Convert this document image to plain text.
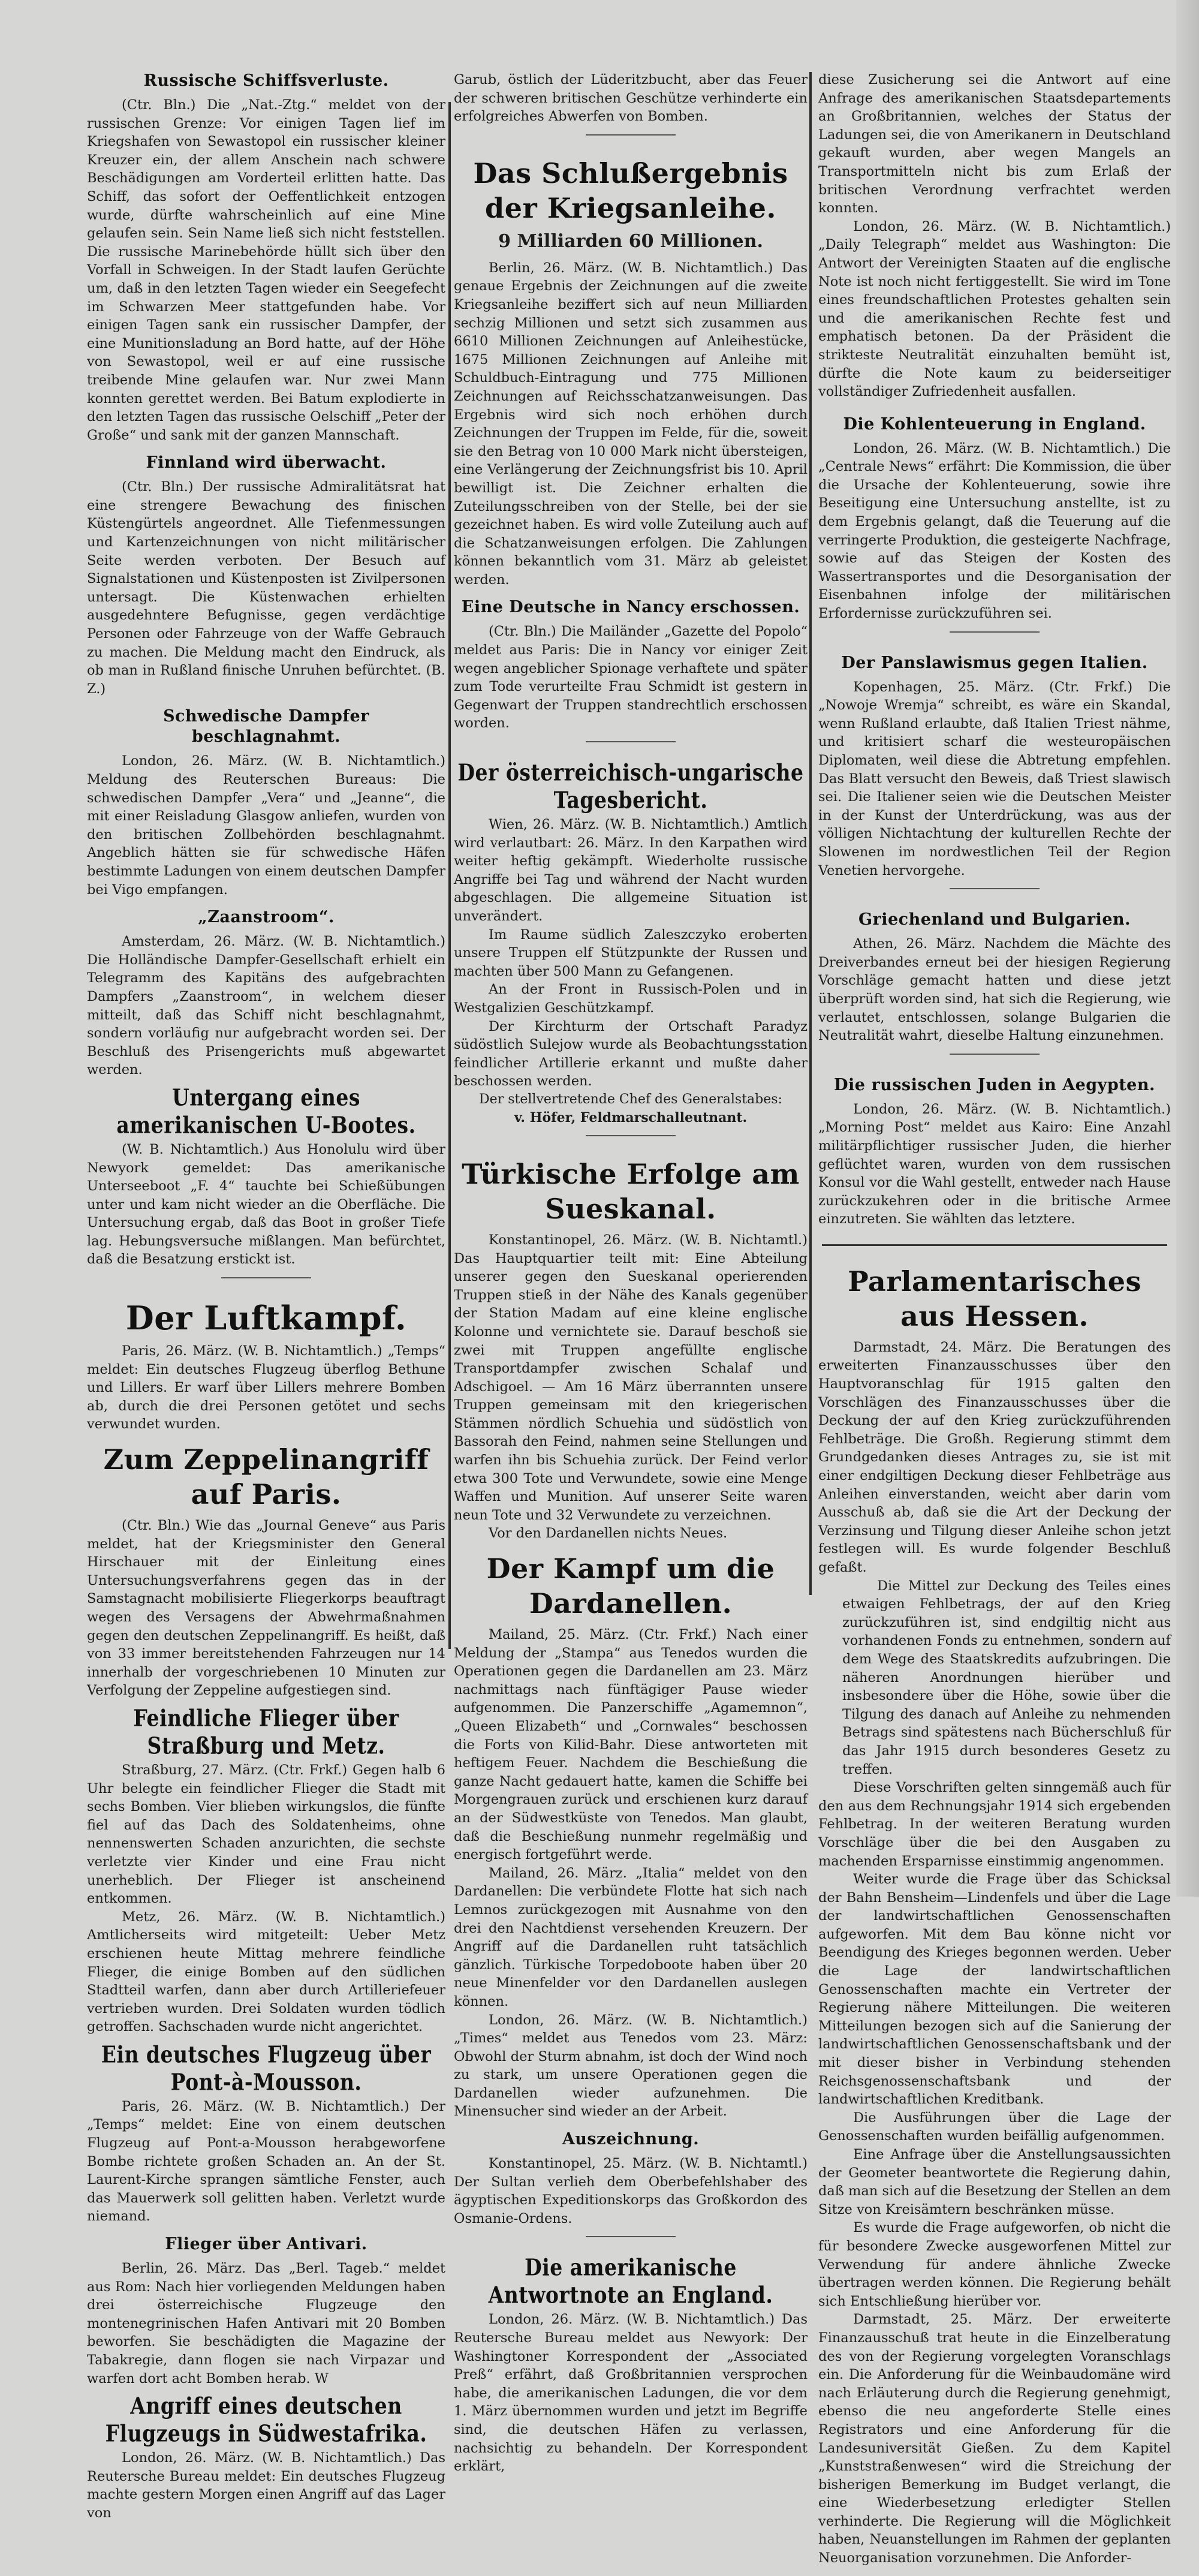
Russische Schiffsverluste.

(Ctr. Bln.) Die „Nat.-Ztg.“ meldet von der russischen Grenze: Vor einigen Tagen lief im Kriegshafen von Sewastopol ein russischer kleiner Kreuzer ein, der allem Anschein nach schwere Beschädigungen am Vorderteil erlitten hatte. Das Schiff, das sofort der Oeffentlichkeit entzogen wurde, dürfte wahrscheinlich auf eine Mine gelaufen sein. Sein Name ließ sich nicht feststellen. Die russische Marinebehörde hüllt sich über den Vorfall in Schweigen. In der Stadt laufen Gerüchte um, daß in den letzten Tagen wieder ein Seegefecht im Schwarzen Meer stattgefunden habe. Vor einigen Tagen sank ein russischer Dampfer, der eine Munitionsladung an Bord hatte, auf der Höhe von Sewastopol, weil er auf eine russische treibende Mine gelaufen war. Nur zwei Mann konnten gerettet werden. Bei Batum explodierte in den letzten Tagen das russische Oelschiff „Peter der Große“ und sank mit der ganzen Mannschaft.

Finnland wird überwacht.

(Ctr. Bln.) Der russische Admiralitätsrat hat eine strengere Bewachung des finischen Küstengürtels angeordnet. Alle Tiefenmessungen und Kartenzeichnungen von nicht militärischer Seite werden verboten. Der Besuch auf Signalstationen und Küstenposten ist Zivilpersonen untersagt. Die Küstenwachen erhielten ausgedehntere Befugnisse, gegen verdächtige Personen oder Fahrzeuge von der Waffe Gebrauch zu machen. Die Meldung macht den Eindruck, als ob man in Rußland finische Unruhen befürchtet. (B. Z.)

Schwedische Dampfer beschlagnahmt.

London, 26. März. (W. B. Nichtamtlich.) Meldung des Reuterschen Bureaus: Die schwedischen Dampfer „Vera“ und „Jeanne“, die mit einer Reisladung Glasgow anliefen, wurden von den britischen Zollbehörden beschlagnahmt. Angeblich hätten sie für schwedische Häfen bestimmte Ladungen von einem deutschen Dampfer bei Vigo empfangen.

„Zaanstroom“.

Amsterdam, 26. März. (W. B. Nichtamtlich.) Die Holländische Dampfer-Gesellschaft erhielt ein Telegramm des Kapitäns des aufgebrachten Dampfers „Zaanstroom“, in welchem dieser mitteilt, daß das Schiff nicht beschlagnahmt, sondern vorläufig nur aufgebracht worden sei. Der Beschluß des Prisengerichts muß abgewartet werden.

Untergang eines amerikanischen U-Bootes.

(W. B. Nichtamtlich.) Aus Honolulu wird über Newyork gemeldet: Das amerikanische Unterseeboot „F. 4“ tauchte bei Schießübungen unter und kam nicht wieder an die Oberfläche. Die Untersuchung ergab, daß das Boot in großer Tiefe lag. Hebungsversuche mißlangen. Man befürchtet, daß die Besatzung erstickt ist.

Der Luftkampf.

Paris, 26. März. (W. B. Nichtamtlich.) „Temps“ meldet: Ein deutsches Flugzeug überflog Bethune und Lillers. Er warf über Lillers mehrere Bomben ab, durch die drei Personen getötet und sechs verwundet wurden.

Zum Zeppelinangriff auf Paris.

(Ctr. Bln.) Wie das „Journal Geneve“ aus Paris meldet, hat der Kriegsminister den General Hirschauer mit der Einleitung eines Untersuchungsverfahrens gegen das in der Samstagnacht mobilisierte Fliegerkorps beauftragt wegen des Versagens der Abwehrmaßnahmen gegen den deutschen Zeppelinangriff. Es heißt, daß von 33 immer bereitstehenden Fahrzeugen nur 14 innerhalb der vorgeschriebenen 10 Minuten zur Verfolgung der Zeppeline aufgestiegen sind.

Feindliche Flieger über Straßburg und Metz.

Straßburg, 27. März. (Ctr. Frkf.) Gegen halb 6 Uhr belegte ein feindlicher Flieger die Stadt mit sechs Bomben. Vier blieben wirkungslos, die fünfte fiel auf das Dach des Soldatenheims, ohne nennenswerten Schaden anzurichten, die sechste verletzte vier Kinder und eine Frau nicht unerheblich. Der Flieger ist anscheinend entkommen.

Metz, 26. März. (W. B. Nichtamtlich.) Amtlicherseits wird mitgeteilt: Ueber Metz erschienen heute Mittag mehrere feindliche Flieger, die einige Bomben auf den südlichen Stadtteil warfen, dann aber durch Artilleriefeuer vertrieben wurden. Drei Soldaten wurden tödlich getroffen. Sachschaden wurde nicht angerichtet.

Ein deutsches Flugzeug über Pont-à-Mousson.

Paris, 26. März. (W. B. Nichtamtlich.) Der „Temps“ meldet: Eine von einem deutschen Flugzeug auf Pont-a-Mousson herabgeworfene Bombe richtete großen Schaden an. An der St. Laurent-Kirche sprangen sämtliche Fenster, auch das Mauerwerk soll gelitten haben. Verletzt wurde niemand.

Flieger über Antivari.

Berlin, 26. März. Das „Berl. Tageb.“ meldet aus Rom: Nach hier vorliegenden Meldungen haben drei österreichische Flugzeuge den montenegrinischen Hafen Antivari mit 20 Bomben beworfen. Sie beschädigten die Magazine der Tabakregie, dann flogen sie nach Virpazar und warfen dort acht Bomben herab. W

Angriff eines deutschen Flugzeugs in Südwestafrika.

London, 26. März. (W. B. Nichtamtlich.) Das Reutersche Bureau meldet: Ein deutsches Flugzeug machte gestern Morgen einen Angriff auf das Lager von

Garub, östlich der Lüderitzbucht, aber das Feuer der schweren britischen Geschütze verhinderte ein erfolgreiches Abwerfen von Bomben.

Das Schlußergebnis der Kriegsanleihe.
9 Milliarden 60 Millionen.

Berlin, 26. März. (W. B. Nichtamtlich.) Das genaue Ergebnis der Zeichnungen auf die zweite Kriegsanleihe beziffert sich auf neun Milliarden sechzig Millionen und setzt sich zusammen aus 6610 Millionen Zeichnungen auf Anleihestücke, 1675 Millionen Zeichnungen auf Anleihe mit Schuldbuch-Eintragung und 775 Millionen Zeichnungen auf Reichsschatzanweisungen. Das Ergebnis wird sich noch erhöhen durch Zeichnungen der Truppen im Felde, für die, soweit sie den Betrag von 10 000 Mark nicht übersteigen, eine Verlängerung der Zeichnungsfrist bis 10. April bewilligt ist. Die Zeichner erhalten die Zuteilungsschreiben von der Stelle, bei der sie gezeichnet haben. Es wird volle Zuteilung auch auf die Schatzanweisungen erfolgen. Die Zahlungen können bekanntlich vom 31. März ab geleistet werden.

Eine Deutsche in Nancy erschossen.

(Ctr. Bln.) Die Mailänder „Gazette del Popolo“ meldet aus Paris: Die in Nancy vor einiger Zeit wegen angeblicher Spionage verhaftete und später zum Tode verurteilte Frau Schmidt ist gestern in Gegenwart der Truppen standrechtlich erschossen worden.

Der österreichisch-ungarische Tagesbericht.

Wien, 26. März. (W. B. Nichtamtlich.) Amtlich wird verlautbart: 26. März. In den Karpathen wird weiter heftig gekämpft. Wiederholte russische Angriffe bei Tag und während der Nacht wurden abgeschlagen. Die allgemeine Situation ist unverändert.

Im Raume südlich Zaleszczyko eroberten unsere Truppen elf Stützpunkte der Russen und machten über 500 Mann zu Gefangenen.

An der Front in Russisch-Polen und in Westgalizien Geschützkampf.

Der Kirchturm der Ortschaft Paradyz südöstlich Sulejow wurde als Beobachtungsstation feindlicher Artillerie erkannt und mußte daher beschossen werden.

Der stellvertretende Chef des Generalstabes:
v. Höfer, Feldmarschalleutnant.
Türkische Erfolge am Sueskanal.

Konstantinopel, 26. März. (W. B. Nichtamtl.) Das Hauptquartier teilt mit: Eine Abteilung unserer gegen den Sueskanal operierenden Truppen stieß in der Nähe des Kanals gegenüber der Station Madam auf eine kleine englische Kolonne und vernichtete sie. Darauf beschoß sie zwei mit Truppen angefüllte englische Transportdampfer zwischen Schalaf und Adschigoel. — Am 16 März überrannten unsere Truppen gemeinsam mit den kriegerischen Stämmen nördlich Schuehia und südöstlich von Bassorah den Feind, nahmen seine Stellungen und warfen ihn bis Schuehia zurück. Der Feind verlor etwa 300 Tote und Verwundete, sowie eine Menge Waffen und Munition. Auf unserer Seite waren neun Tote und 32 Verwundete zu verzeichnen.

Vor den Dardanellen nichts Neues.

Der Kampf um die Dardanellen.

Mailand, 25. März. (Ctr. Frkf.) Nach einer Meldung der „Stampa“ aus Tenedos wurden die Operationen gegen die Dardanellen am 23. März nachmittags nach fünftägiger Pause wieder aufgenommen. Die Panzerschiffe „Agamemnon“, „Queen Elizabeth“ und „Cornwales“ beschossen die Forts von Kilid-Bahr. Diese antworteten mit heftigem Feuer. Nachdem die Beschießung die ganze Nacht gedauert hatte, kamen die Schiffe bei Morgengrauen zurück und erschienen kurz darauf an der Südwestküste von Tenedos. Man glaubt, daß die Beschießung nunmehr regelmäßig und energisch fortgeführt werde.

Mailand, 26. März. „Italia“ meldet von den Dardanellen: Die verbündete Flotte hat sich nach Lemnos zurückgezogen mit Ausnahme von den drei den Nachtdienst versehenden Kreuzern. Der Angriff auf die Dardanellen ruht tatsächlich gänzlich. Türkische Torpedoboote haben über 20 neue Minenfelder vor den Dardanellen auslegen können.

London, 26. März. (W. B. Nichtamtlich.) „Times“ meldet aus Tenedos vom 23. März: Obwohl der Sturm abnahm, ist doch der Wind noch zu stark, um unsere Operationen gegen die Dardanellen wieder aufzunehmen. Die Minensucher sind wieder an der Arbeit.

Auszeichnung.

Konstantinopel, 25. März. (W. B. Nichtamtl.) Der Sultan verlieh dem Oberbefehlshaber des ägyptischen Expeditionskorps das Großkordon des Osmanie-Ordens.

Die amerikanische Antwortnote an England.

London, 26. März. (W. B. Nichtamtlich.) Das Reutersche Bureau meldet aus Newyork: Der Washingtoner Korrespondent der „Associated Preß“ erfährt, daß Großbritannien versprochen habe, die amerikanischen Ladungen, die vor dem 1. März übernommen wurden und jetzt im Begriffe sind, die deutschen Häfen zu verlassen, nachsichtig zu behandeln. Der Korrespondent erklärt,

diese Zusicherung sei die Antwort auf eine Anfrage des amerikanischen Staatsdepartements an Großbritannien, welches der Status der Ladungen sei, die von Amerikanern in Deutschland gekauft wurden, aber wegen Mangels an Transportmitteln nicht bis zum Erlaß der britischen Verordnung verfrachtet werden konnten.

London, 26. März. (W. B. Nichtamtlich.) „Daily Telegraph“ meldet aus Washington: Die Antwort der Vereinigten Staaten auf die englische Note ist noch nicht fertiggestellt. Sie wird im Tone eines freundschaftlichen Protestes gehalten sein und die amerikanischen Rechte fest und emphatisch betonen. Da der Präsident die strikteste Neutralität einzuhalten bemüht ist, dürfte die Note kaum zu beiderseitiger vollständiger Zufriedenheit ausfallen.

Die Kohlenteuerung in England.

London, 26. März. (W. B. Nichtamtlich.) Die „Centrale News“ erfährt: Die Kommission, die über die Ursache der Kohlenteuerung, sowie ihre Beseitigung eine Untersuchung anstellte, ist zu dem Ergebnis gelangt, daß die Teuerung auf die verringerte Produktion, die gesteigerte Nachfrage, sowie auf das Steigen der Kosten des Wassertransportes und die Desorganisation der Eisenbahnen infolge der militärischen Erfordernisse zurückzuführen sei.

Der Panslawismus gegen Italien.

Kopenhagen, 25. März. (Ctr. Frkf.) Die „Nowoje Wremja“ schreibt, es wäre ein Skandal, wenn Rußland erlaubte, daß Italien Triest nähme, und kritisiert scharf die westeuropäischen Diplomaten, weil diese die Abtretung empfehlen. Das Blatt versucht den Beweis, daß Triest slawisch sei. Die Italiener seien wie die Deutschen Meister in der Kunst der Unterdrückung, was aus der völligen Nichtachtung der kulturellen Rechte der Slowenen im nordwestlichen Teil der Region Venetien hervorgehe.

Griechenland und Bulgarien.

Athen, 26. März. Nachdem die Mächte des Dreiverbandes erneut bei der hiesigen Regierung Vorschläge gemacht hatten und diese jetzt überprüft worden sind, hat sich die Regierung, wie verlautet, entschlossen, solange Bulgarien die Neutralität wahrt, dieselbe Haltung einzunehmen.

Die russischen Juden in Aegypten.

London, 26. März. (W. B. Nichtamtlich.) „Morning Post“ meldet aus Kairo: Eine Anzahl militärpflichtiger russischer Juden, die hierher geflüchtet waren, wurden von dem russischen Konsul vor die Wahl gestellt, entweder nach Hause zurückzukehren oder in die britische Armee einzutreten. Sie wählten das letztere.

Parlamentarisches aus Hessen.

Darmstadt, 24. März. Die Beratungen des erweiterten Finanzausschusses über den Hauptvoranschlag für 1915 galten den Vorschlägen des Finanzausschusses über die Deckung der auf den Krieg zurückzuführenden Fehlbeträge. Die Großh. Regierung stimmt dem Grundgedanken dieses Antrages zu, sie ist mit einer endgiltigen Deckung dieser Fehlbeträge aus Anleihen einverstanden, weicht aber darin vom Ausschuß ab, daß sie die Art der Deckung der Verzinsung und Tilgung dieser Anleihe schon jetzt festlegen will. Es wurde folgender Beschluß gefaßt.

Die Mittel zur Deckung des Teiles eines etwaigen Fehlbetrags, der auf den Krieg zurückzuführen ist, sind endgiltig nicht aus vorhandenen Fonds zu entnehmen, sondern auf dem Wege des Staatskredits aufzubringen. Die näheren Anordnungen hierüber und insbesondere über die Höhe, sowie über die Tilgung des danach auf Anleihe zu nehmenden Betrags sind spätestens nach Bücherschluß für das Jahr 1915 durch besonderes Gesetz zu treffen.

Diese Vorschriften gelten sinngemäß auch für den aus dem Rechnungsjahr 1914 sich ergebenden Fehlbetrag. In der weiteren Beratung wurden Vorschläge über die bei den Ausgaben zu machenden Ersparnisse einstimmig angenommen.

Weiter wurde die Frage über das Schicksal der Bahn Bensheim—Lindenfels und über die Lage der landwirtschaftlichen Genossenschaften aufgeworfen. Mit dem Bau könne nicht vor Beendigung des Krieges begonnen werden. Ueber die Lage der landwirtschaftlichen Genossenschaften machte ein Vertreter der Regierung nähere Mitteilungen. Die weiteren Mitteilungen bezogen sich auf die Sanierung der landwirtschaftlichen Genossenschaftsbank und der mit dieser bisher in Verbindung stehenden Reichsgenossenschaftsbank und der landwirtschaftlichen Kreditbank.

Die Ausführungen über die Lage der Genossenschaften wurden beifällig aufgenommen.

Eine Anfrage über die Anstellungsaussichten der Geometer beantwortete die Regierung dahin, daß man sich auf die Besetzung der Stellen an dem Sitze von Kreisämtern beschränken müsse.

Es wurde die Frage aufgeworfen, ob nicht die für besondere Zwecke ausgeworfenen Mittel zur Verwendung für andere ähnliche Zwecke übertragen werden können. Die Regierung behält sich Entschließung hierüber vor.

Darmstadt, 25. März. Der erweiterte Finanzausschuß trat heute in die Einzelberatung des von der Regierung vorgelegten Voranschlags ein. Die Anforderung für die Weinbaudomäne wird nach Erläuterung durch die Regierung genehmigt, ebenso die neu angeforderte Stelle eines Registrators und eine Anforderung für die Landesuniversität Gießen. Zu dem Kapitel „Kunststraßenwesen“ wird die Streichung der bisherigen Bemerkung im Budget verlangt, die eine Wiederbesetzung erledigter Stellen verhinderte. Die Regierung will die Möglichkeit haben, Neuanstellungen im Rahmen der geplanten Neuorganisation vorzunehmen. Die Anforder-
